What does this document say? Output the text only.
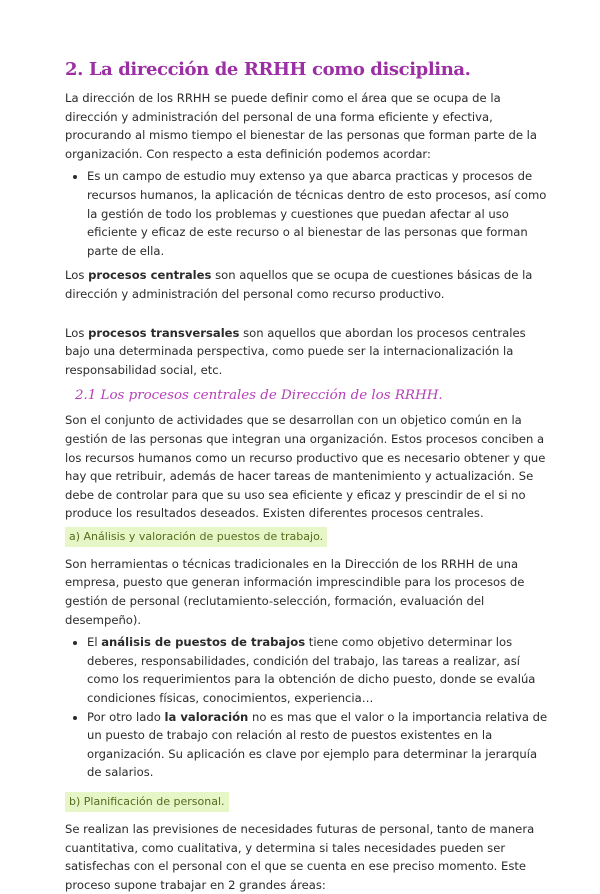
2. La dirección de RRHH como disciplina.

La dirección de los RRHH se puede definir como el área que se ocupa de la dirección y administración del personal de una forma eficiente y efectiva, procurando al mismo tiempo el bienestar de las personas que forman parte de la organización. Con respecto a esta definición podemos acordar:

• Es un campo de estudio muy extenso ya que abarca practicas y procesos de recursos humanos, la aplicación de técnicas dentro de esto procesos, así como la gestión de todo los problemas y cuestiones que puedan afectar al uso eficiente y eficaz de este recurso o al bienestar de las personas que forman parte de ella.

Los procesos centrales son aquellos que se ocupa de cuestiones básicas de la dirección y administración del personal como recurso productivo.

Los procesos transversales son aquellos que abordan los procesos centrales bajo una determinada perspectiva, como puede ser la internacionalización la responsabilidad social, etc.

2.1 Los procesos centrales de Dirección de los RRHH.

Son el conjunto de actividades que se desarrollan con un objetico común en la gestión de las personas que integran una organización. Estos procesos conciben a los recursos humanos como un recurso productivo que es necesario obtener y que hay que retribuir, además de hacer tareas de mantenimiento y actualización. Se debe de controlar para que su uso sea eficiente y eficaz y prescindir de el si no produce los resultados deseados. Existen diferentes procesos centrales.

a) Análisis y valoración de puestos de trabajo.

Son herramientas o técnicas tradicionales en la Dirección de los RRHH de una empresa, puesto que generan información imprescindible para los procesos de gestión de personal (reclutamiento-selección, formación, evaluación del desempeño).

• El análisis de puestos de trabajos tiene como objetivo determinar los deberes, responsabilidades, condición del trabajo, las tareas a realizar, así como los requerimientos para la obtención de dicho puesto, donde se evalúa condiciones físicas, conocimientos, experiencia…
• Por otro lado la valoración no es mas que el valor o la importancia relativa de un puesto de trabajo con relación al resto de puestos existentes en la organización. Su aplicación es clave por ejemplo para determinar la jerarquía de salarios.
b) Planificación de personal.

Se realizan las previsiones de necesidades futuras de personal, tanto de manera cuantitativa, como cualitativa, y determina si tales necesidades pueden ser satisfechas con el personal con el que se cuenta en ese preciso momento. Este proceso supone trabajar en 2 grandes áreas:
